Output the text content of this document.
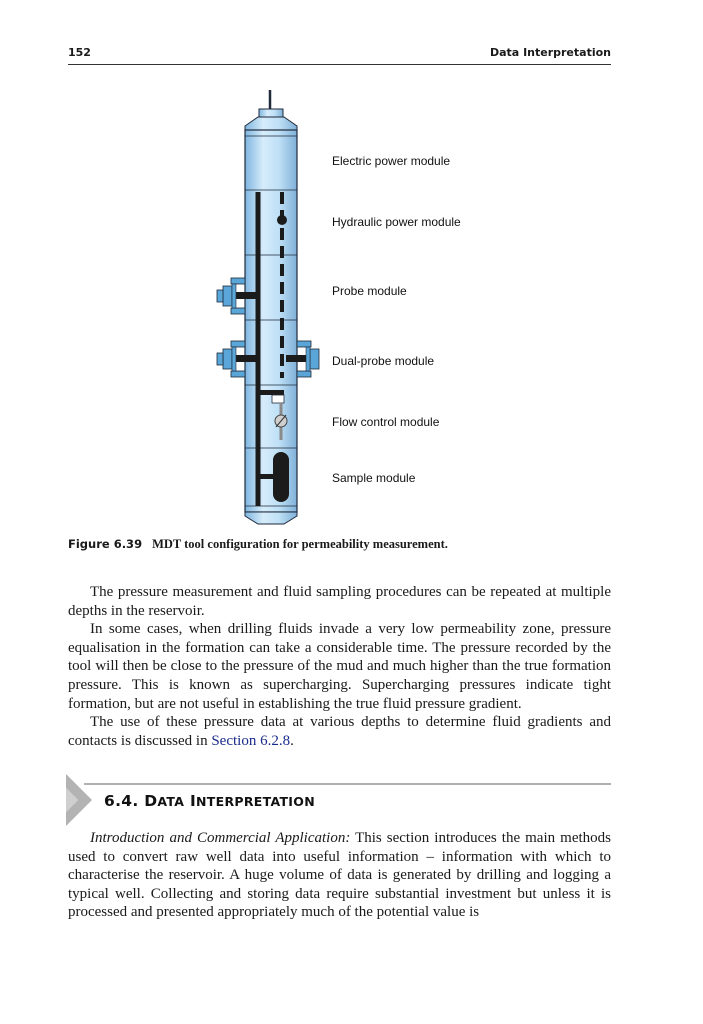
152	Data Interpretation
Electric power module
Hydraulic power module
Probe module
Dual-probe module
Flow control module
Sample module
Figure 6.39 MDT tool configuration for permeability measurement.

The pressure measurement and fluid sampling procedures can be repeated at multiple depths in the reservoir.

In some cases, when drilling fluids invade a very low permeability zone, pressure equalisation in the formation can take a considerable time. The pressure recorded by the tool will then be close to the pressure of the mud and much higher than the true formation pressure. This is known as supercharging. Supercharging pressures indicate tight formation, but are not useful in establishing the true fluid pressure gradient.

The use of these pressure data at various depths to determine fluid gradients and contacts is discussed in Section 6.2.8.

6.4. DATA INTERPRETATION

Introduction and Commercial Application: This section introduces the main methods used to convert raw well data into useful information – information with which to characterise the reservoir. A huge volume of data is generated by drilling and logging a typical well. Collecting and storing data require substantial investment but unless it is processed and presented appropriately much of the potential value is
